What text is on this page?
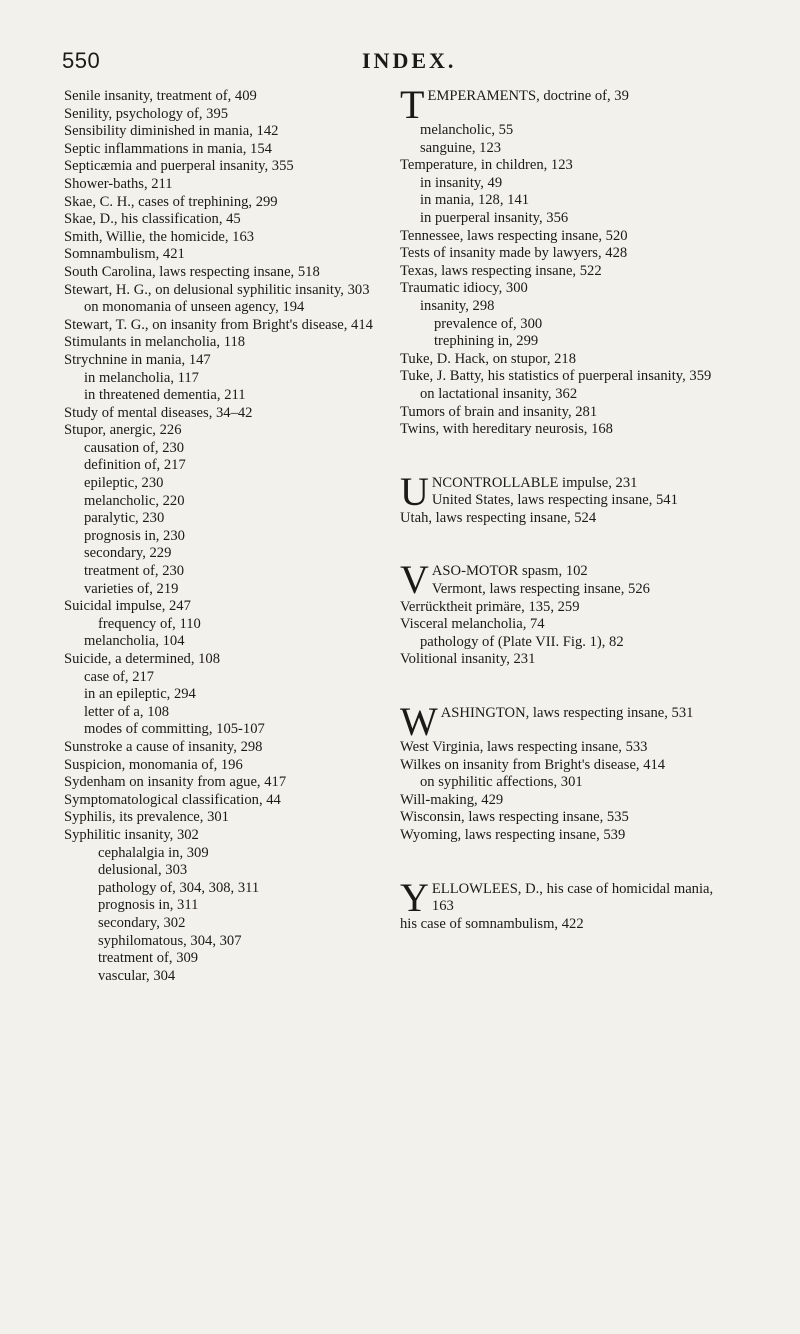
550	INDEX.

Senile insanity, treatment of, 409

Senility, psychology of, 395

Sensibility diminished in mania, 142

Septic inflammations in mania, 154

Septicæmia and puerperal insanity, 355

Shower-baths, 211

Skae, C. H., cases of trephining, 299

Skae, D., his classification, 45

Smith, Willie, the homicide, 163

Somnambulism, 421

South Carolina, laws respecting insane, 518

Stewart, H. G., on delusional syphilitic insanity, 303

on monomania of unseen agency, 194

Stewart, T. G., on insanity from Bright's disease, 414

Stimulants in melancholia, 118

Strychnine in mania, 147

in melancholia, 117

in threatened dementia, 211

Study of mental diseases, 34–42

Stupor, anergic, 226

causation of, 230

definition of, 217

epileptic, 230

melancholic, 220

paralytic, 230

prognosis in, 230

secondary, 229

treatment of, 230

varieties of, 219

Suicidal impulse, 247

frequency of, 110

melancholia, 104

Suicide, a determined, 108

case of, 217

in an epileptic, 294

letter of a, 108

modes of committing, 105-107

Sunstroke a cause of insanity, 298

Suspicion, monomania of, 196

Sydenham on insanity from ague, 417

Symptomatological classification, 44

Syphilis, its prevalence, 301

Syphilitic insanity, 302

cephalalgia in, 309

delusional, 303

pathology of, 304, 308, 311

prognosis in, 311

secondary, 302

syphilomatous, 304, 307

treatment of, 309

vascular, 304

T EMPERAMENTS, doctrine of, 39

melancholic, 55

sanguine, 123

Temperature, in children, 123

in insanity, 49

in mania, 128, 141

in puerperal insanity, 356

Tennessee, laws respecting insane, 520

Tests of insanity made by lawyers, 428

Texas, laws respecting insane, 522

Traumatic idiocy, 300

insanity, 298

prevalence of, 300

trephining in, 299

Tuke, D. Hack, on stupor, 218

Tuke, J. Batty, his statistics of puerperal insanity, 359

on lactational insanity, 362

Tumors of brain and insanity, 281

Twins, with hereditary neurosis, 168

U NCONTROLLABLE impulse, 231
United States, laws respecting insane, 541

Utah, laws respecting insane, 524

V ASO-MOTOR spasm, 102
Vermont, laws respecting insane, 526

Verrücktheit primäre, 135, 259

Visceral melancholia, 74

pathology of (Plate VII. Fig. 1), 82

Volitional insanity, 231

W ASHINGTON, laws respecting insane, 531

West Virginia, laws respecting insane, 533

Wilkes on insanity from Bright's disease, 414

on syphilitic affections, 301

Will-making, 429

Wisconsin, laws respecting insane, 535

Wyoming, laws respecting insane, 539

Y ELLOWLEES, D., his case of homicidal mania, 163

his case of somnambulism, 422
